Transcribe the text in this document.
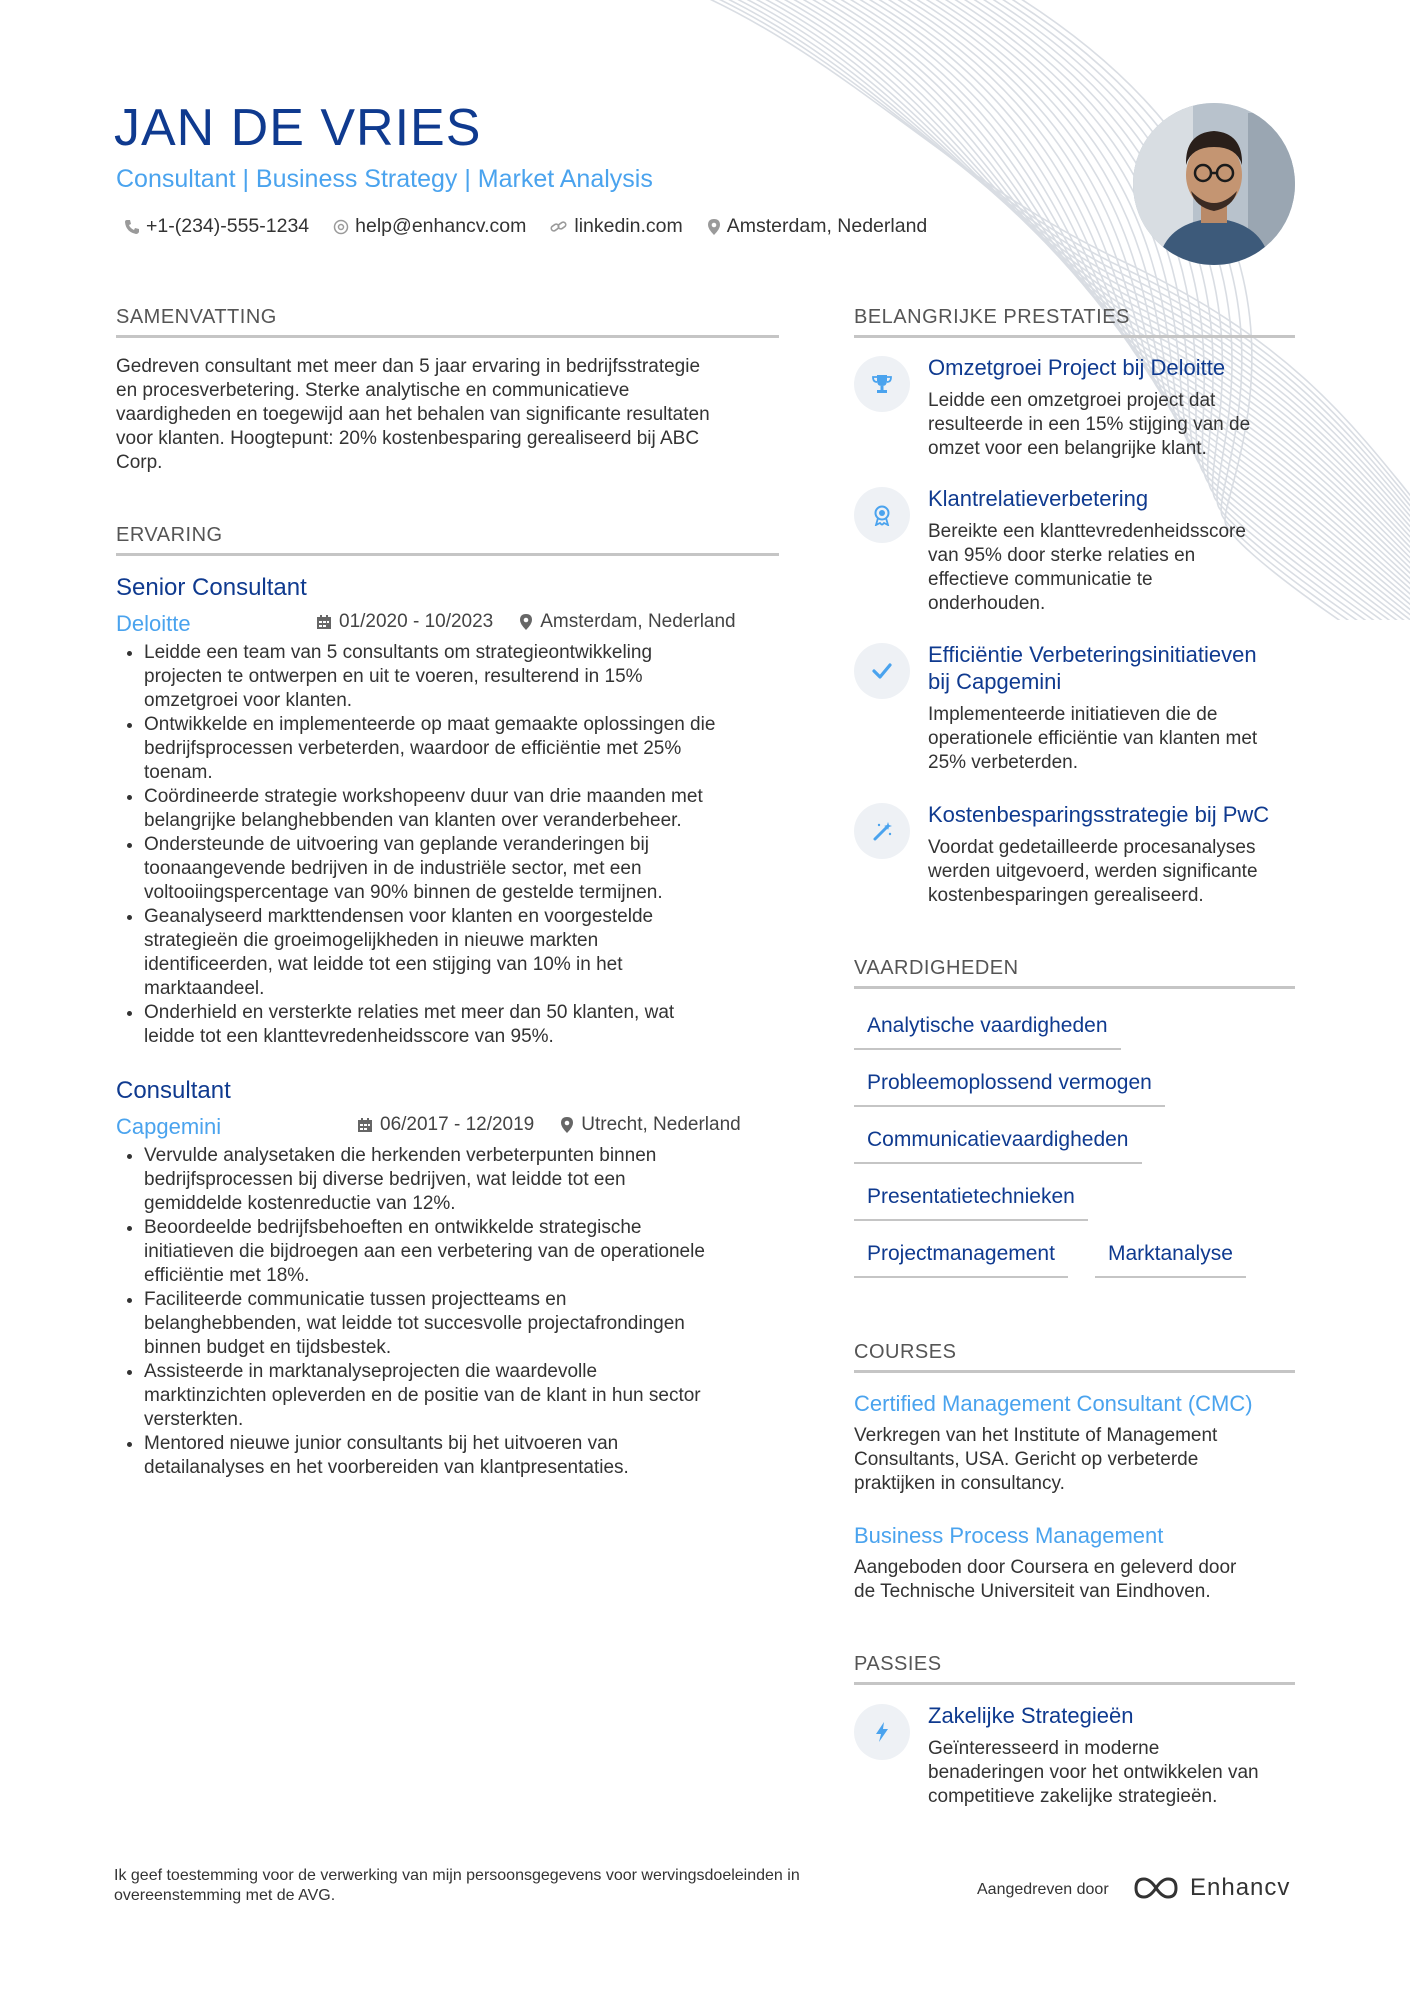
JAN DE VRIES
Consultant | Business Strategy | Market Analysis
+1-(234)-555-1234 help@enhancv.com linkedin.com Amsterdam, Nederland
SAMENVATTING
Gedreven consultant met meer dan 5 jaar ervaring in bedrijfsstrategie
en procesverbetering. Sterke analytische en communicatieve
vaardigheden en toegewijd aan het behalen van significante resultaten
voor klanten. Hoogtepunt: 20% kostenbesparing gerealiseerd bij ABC
Corp.
ERVARING
Senior Consultant
Deloitte	01/2020 - 10/2023 Amsterdam, Nederland
• Leidde een team van 5 consultants om strategieontwikkeling
projecten te ontwerpen en uit te voeren, resulterend in 15%
omzetgroei voor klanten.
• Ontwikkelde en implementeerde op maat gemaakte oplossingen die
bedrijfsprocessen verbeterden, waardoor de efficiëntie met 25%
toenam.
• Coördineerde strategie workshopeenv duur van drie maanden met
belangrijke belanghebbenden van klanten over veranderbeheer.
• Ondersteunde de uitvoering van geplande veranderingen bij
toonaangevende bedrijven in de industriële sector, met een
voltooiingspercentage van 90% binnen de gestelde termijnen.
• Geanalyseerd markttendensen voor klanten en voorgestelde
strategieën die groeimogelijkheden in nieuwe markten
identificeerden, wat leidde tot een stijging van 10% in het
marktaandeel.
• Onderhield en versterkte relaties met meer dan 50 klanten, wat
leidde tot een klanttevredenheidsscore van 95%.
Consultant
Capgemini	06/2017 - 12/2019 Utrecht, Nederland
• Vervulde analysetaken die herkenden verbeterpunten binnen
bedrijfsprocessen bij diverse bedrijven, wat leidde tot een
gemiddelde kostenreductie van 12%.
• Beoordeelde bedrijfsbehoeften en ontwikkelde strategische
initiatieven die bijdroegen aan een verbetering van de operationele
efficiëntie met 18%.
• Faciliteerde communicatie tussen projectteams en
belanghebbenden, wat leidde tot succesvolle projectafrondingen
binnen budget en tijdsbestek.
• Assisteerde in marktanalyseprojecten die waardevolle
marktinzichten opleverden en de positie van de klant in hun sector
versterkten.
• Mentored nieuwe junior consultants bij het uitvoeren van
detailanalyses en het voorbereiden van klantpresentaties.
BELANGRIJKE PRESTATIES
Omzetgroei Project bij Deloitte
Leidde een omzetgroei project dat
resulteerde in een 15% stijging van de
omzet voor een belangrijke klant.
Klantrelatieverbetering
Bereikte een klanttevredenheidsscore
van 95% door sterke relaties en
effectieve communicatie te
onderhouden.
Efficiëntie Verbeteringsinitiatieven
bij Capgemini
Implementeerde initiatieven die de
operationele efficiëntie van klanten met
25% verbeterden.
Kostenbesparingsstrategie bij PwC
Voordat gedetailleerde procesanalyses
werden uitgevoerd, werden significante
kostenbesparingen gerealiseerd.
VAARDIGHEDEN
Analytische vaardigheden
Probleemoplossend vermogen
Communicatievaardigheden
Presentatietechnieken
Projectmanagement	Marktanalyse
COURSES
Certified Management Consultant (CMC)
Verkregen van het Institute of Management
Consultants, USA. Gericht op verbeterde
praktijken in consultancy.
Business Process Management
Aangeboden door Coursera en geleverd door
de Technische Universiteit van Eindhoven.
PASSIES
Zakelijke Strategieën
Geïnteresseerd in moderne
benaderingen voor het ontwikkelen van
competitieve zakelijke strategieën.
Ik geef toestemming voor de verwerking van mijn persoonsgegevens voor wervingsdoeleinden in
overeenstemming met de AVG.	Aangedreven door	Enhancv
